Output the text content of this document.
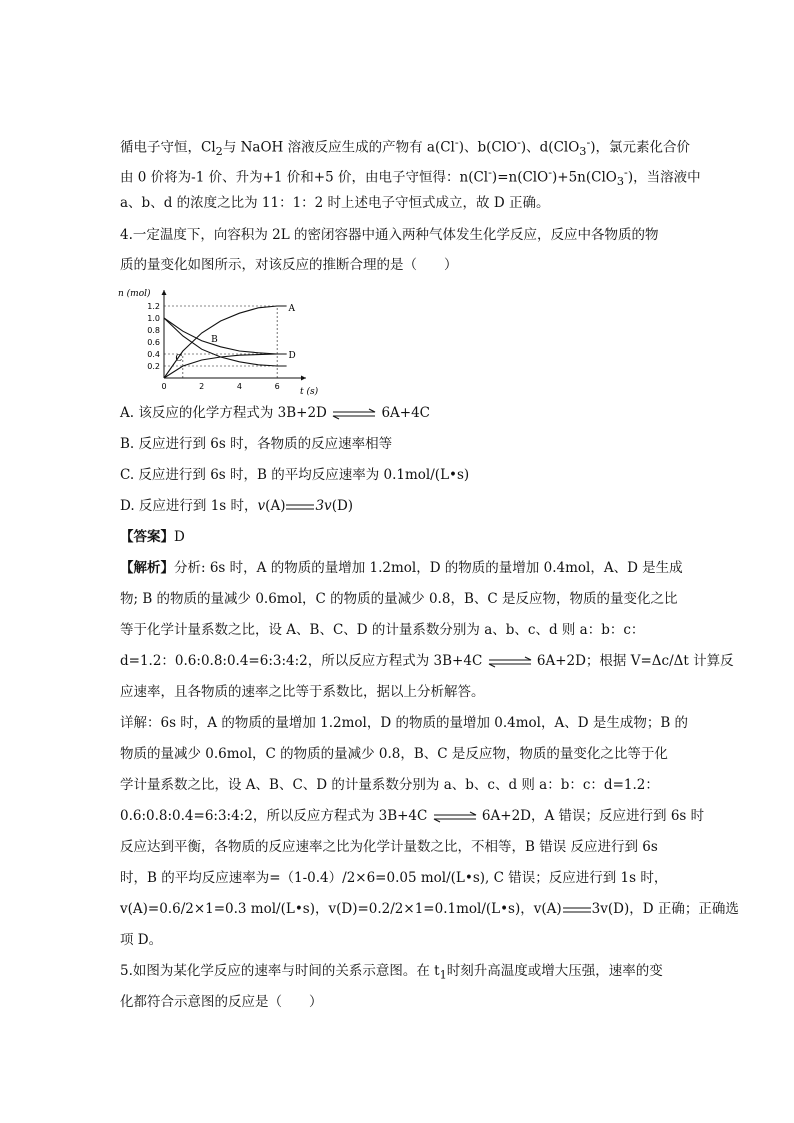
循电子守恒，$Cl_2$与 NaOH 溶液反应生成的产物有 a(Cl-)、b(ClO-)、d(ClO$_3$-)，氯元素化合价
由 0 价将为-1 价、升为+1 价和+5 价，由电子守恒得：n(Cl-)=n(ClO-)+5n(ClO$_3$-)，当溶液中
a、b、d 的浓度之比为 11：1：2 时上述电子守恒式成立，故 D 正确。
4.一定温度下，向容积为 2L 的密闭容器中通入两种气体发生化学反应，反应中各物质的物
质的量变化如图所示，对该反应的推断合理的是（　　）
n (mol)
t (s)
1.2
1.0
0.8
0.6
0.4
0.2
0	2	4	6
A
B
C	D
A. 该反应的化学方程式为 3B+2D ⇌ 6A+4C
B. 反应进行到 6s 时，各物质的反应速率相等
C. 反应进行到 6s 时，B 的平均反应速率为 0.1mol/(L•s)
D. 反应进行到 1s 时，v(A) 3v(D)
【答案】D
【解析】分析: 6s 时，A 的物质的量增加 1.2mol，D 的物质的量增加 0.4mol，A、D 是生成
物; B 的物质的量减少 0.6mol，C 的物质的量减少 0.8，B、C 是反应物，物质的量变化之比
等于化学计量系数之比，设 A、B、C、D 的计量系数分别为 a、b、c、d 则 a：b：c：
d=1.2：0.6:0.8:0.4=6:3:4:2，所以反应方程式为 3B+4C ⇌ 6A+2D；根据 V=Δc/Δt 计算反
应速率，且各物质的速率之比等于系数比，据以上分析解答。
详解：6s 时，A 的物质的量增加 1.2mol，D 的物质的量增加 0.4mol，A、D 是生成物；B 的
物质的量减少 0.6mol，C 的物质的量减少 0.8，B、C 是反应物，物质的量变化之比等于化
学计量系数之比，设 A、B、C、D 的计量系数分别为 a、b、c、d 则 a：b：c：d=1.2：
0.6:0.8:0.4=6:3:4:2，所以反应方程式为 3B+4C ⇌ 6A+2D，A 错误；反应进行到 6s 时
反应达到平衡，各物质的反应速率之比为化学计量数之比，不相等，B 错误 反应进行到 6s
时，B 的平均反应速率为=（1-0.4）/2×6=0.05 mol/(L•s), C 错误；反应进行到 1s 时，
v(A)=0.6/2×1=0.3 mol/(L•s)，v(D)=0.2/2×1=0.1mol/(L•s)，v(A) 3v(D)，D 正确；正确选
项 D。
5.如图为某化学反应的速率与时间的关系示意图。在 $t_1$时刻升高温度或增大压强，速率的变
化都符合示意图的反应是（　　）
